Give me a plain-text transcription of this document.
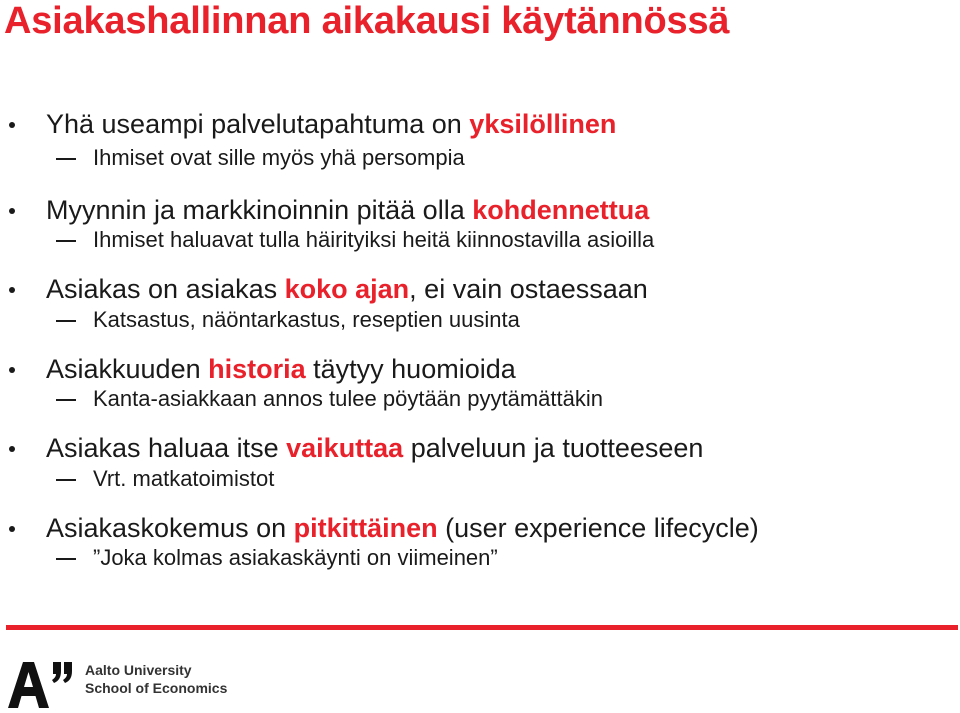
Asiakashallinnan aikakausi käytännössä
Yhä useampi palvelutapahtuma on yksilöllinen
Ihmiset ovat sille myös yhä persompia
Myynnin ja markkinoinnin pitää olla kohdennettua
Ihmiset haluavat tulla häirityiksi heitä kiinnostavilla asioilla
Asiakas on asiakas koko ajan, ei vain ostaessaan
Katsastus, näöntarkastus, reseptien uusinta
Asiakkuuden historia täytyy huomioida
Kanta-asiakkaan annos tulee pöytään pyytämättäkin
Asiakas haluaa itse vaikuttaa palveluun ja tuotteeseen
Vrt. matkatoimistot
Asiakaskokemus on pitkittäinen (user experience lifecycle)
”Joka kolmas asiakaskäynti on viimeinen”
Aalto University
School of Economics
